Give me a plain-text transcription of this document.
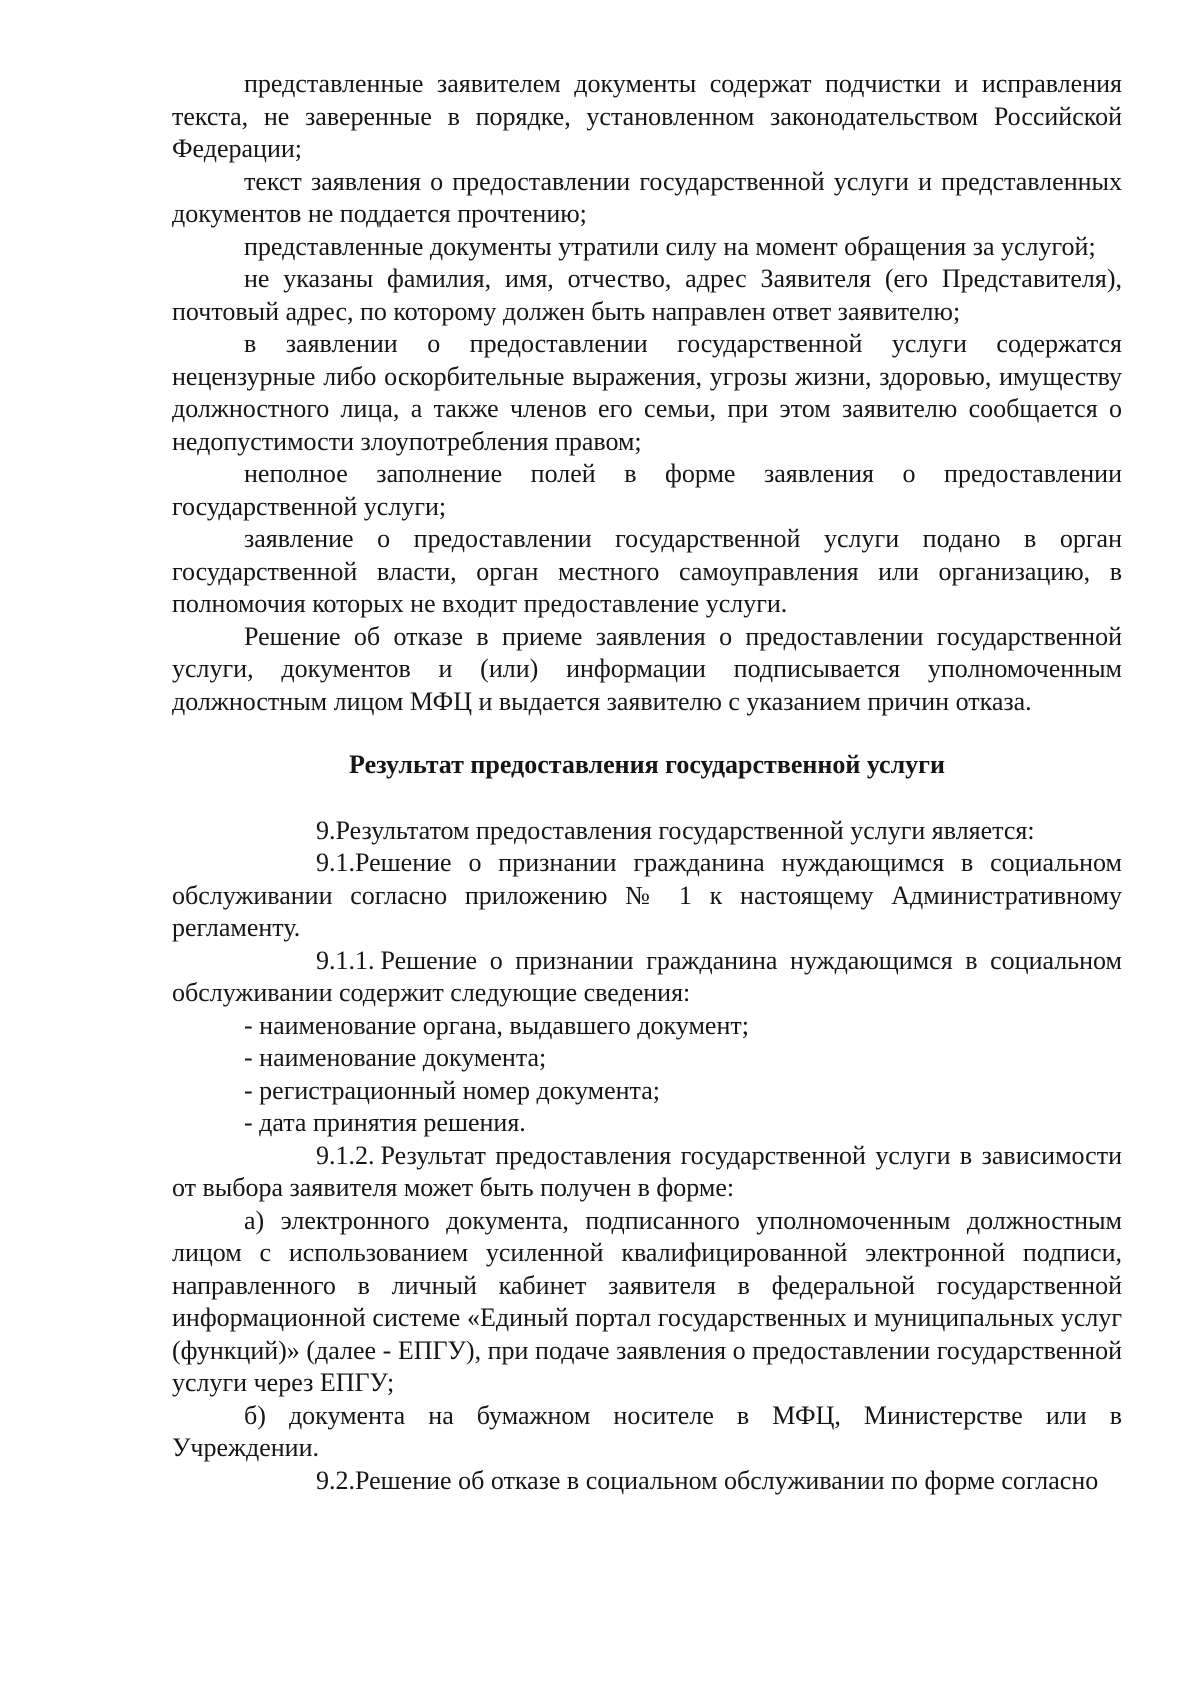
представленные заявителем документы содержат подчистки и исправления текста, не заверенные в порядке, установленном законодательством Российской Федерации;

текст заявления о предоставлении государственной услуги и представленных документов не поддается прочтению;

представленные документы утратили силу на момент обращения за услугой;

не указаны фамилия, имя, отчество, адрес Заявителя (его Представителя), почтовый адрес, по которому должен быть направлен ответ заявителю;

в заявлении о предоставлении государственной услуги содержатся нецензурные либо оскорбительные выражения, угрозы жизни, здоровью, имуществу должностного лица, а также членов его семьи, при этом заявителю сообщается о недопустимости злоупотребления правом;

неполное заполнение полей в форме заявления о предоставлении государственной услуги;

заявление о предоставлении государственной услуги подано в орган государственной власти, орган местного самоуправления или организацию, в полномочия которых не входит предоставление услуги.

Решение об отказе в приеме заявления о предоставлении государственной услуги, документов и (или) информации подписывается уполномоченным должностным лицом МФЦ и выдается заявителю с указанием причин отказа.

Результат предоставления государственной услуги

9.Результатом предоставления государственной услуги является:

9.1.Решение о признании гражданина нуждающимся в социальном обслуживании согласно приложению № 1 к настоящему Административному регламенту.

9.1.1. Решение о признании гражданина нуждающимся в социальном обслуживании содержит следующие сведения:

- наименование органа, выдавшего документ;

- наименование документа;

- регистрационный номер документа;

- дата принятия решения.

9.1.2. Результат предоставления государственной услуги в зависимости от выбора заявителя может быть получен в форме:

а) электронного документа, подписанного уполномоченным должностным лицом с использованием усиленной квалифицированной электронной подписи, направленного в личный кабинет заявителя в федеральной государственной информационной системе «Единый портал государственных и муниципальных услуг (функций)» (далее - ЕПГУ), при подаче заявления о предоставлении государственной услуги через ЕПГУ;

б) документа на бумажном носителе в МФЦ, Министерстве или в Учреждении.

9.2.Решение об отказе в социальном обслуживании по форме согласно
